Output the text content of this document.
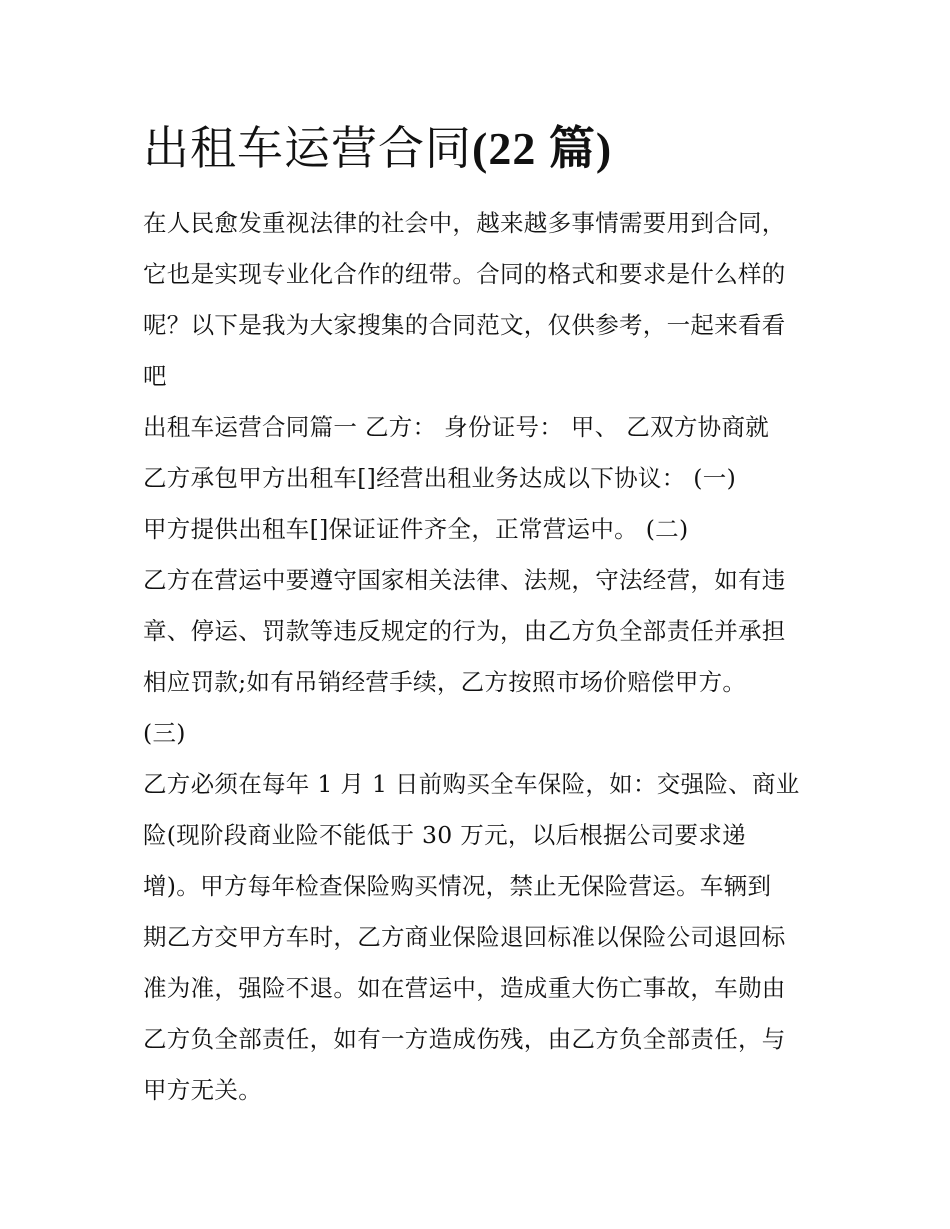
出租车运营合同(22 篇)
在人民愈发重视法律的社会中，越来越多事情需要用到合同，
它也是实现专业化合作的纽带。合同的格式和要求是什么样的
呢？以下是我为大家搜集的合同范文，仅供参考，一起来看看
吧
出租车运营合同篇一 乙方： 身份证号： 甲、 乙双方协商就
乙方承包甲方出租车[]经营出租业务达成以下协议： (一)
甲方提供出租车[]保证证件齐全，正常营运中。 (二)
乙方在营运中要遵守国家相关法律、法规，守法经营，如有违
章、停运、罚款等违反规定的行为，由乙方负全部责任并承担
相应罚款;如有吊销经营手续，乙方按照市场价赔偿甲方。
(三)
乙方必须在每年 1 月 1 日前购买全车保险，如：交强险、商业
险(现阶段商业险不能低于 30 万元，以后根据公司要求递
增)。甲方每年检查保险购买情况，禁止无保险营运。车辆到
期乙方交甲方车时，乙方商业保险退回标准以保险公司退回标
准为准，强险不退。如在营运中，造成重大伤亡事故，车勋由
乙方负全部责任，如有一方造成伤残，由乙方负全部责任，与
甲方无关。
